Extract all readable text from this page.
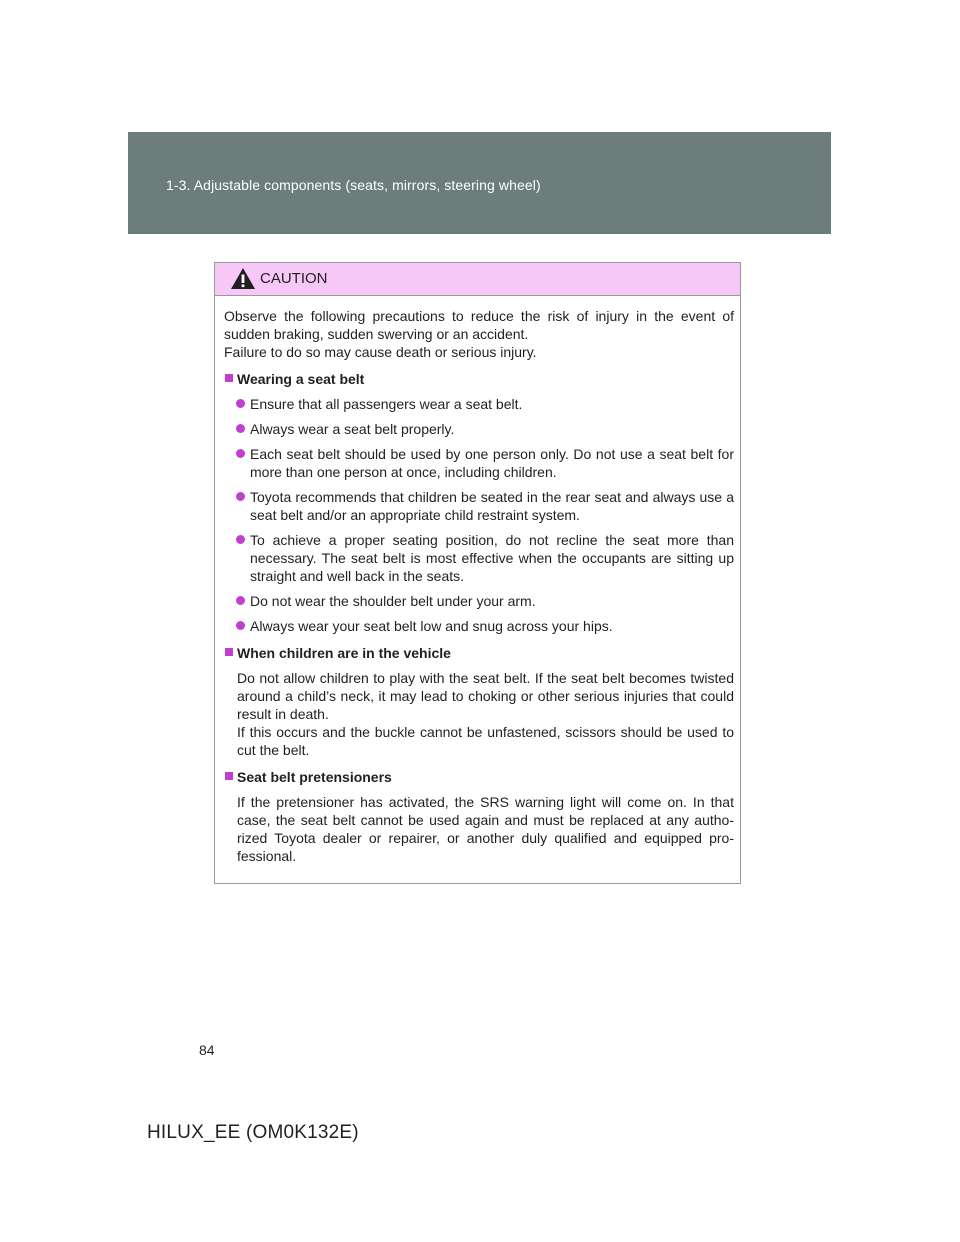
1-3. Adjustable components (seats, mirrors, steering wheel)
CAUTION

Observe the following precautions to reduce the risk of injury in the event of sudden braking, sudden swerving or an accident.

Failure to do so may cause death or serious injury.

Wearing a seat belt
Ensure that all passengers wear a seat belt.
Always wear a seat belt properly.
Each seat belt should be used by one person only. Do not use a seat belt for more than one person at once, including children.
Toyota recommends that children be seated in the rear seat and always use a seat belt and/or an appropriate child restraint system.
To achieve a proper seating position, do not recline the seat more than necessary. The seat belt is most effective when the occupants are sitting up straight and well back in the seats.
Do not wear the shoulder belt under your arm.
Always wear your seat belt low and snug across your hips.
When children are in the vehicle

Do not allow children to play with the seat belt. If the seat belt becomes twisted around a child’s neck, it may lead to choking or other serious injuries that could result in death.

If this occurs and the buckle cannot be unfastened, scissors should be used to cut the belt.

Seat belt pretensioners

If the pretensioner has activated, the SRS warning light will come on. In that case, the seat belt cannot be used again and must be replaced at any autho-rized Toyota dealer or repairer, or another duly qualified and equipped pro-fessional.

84
HILUX_EE (OM0K132E)
